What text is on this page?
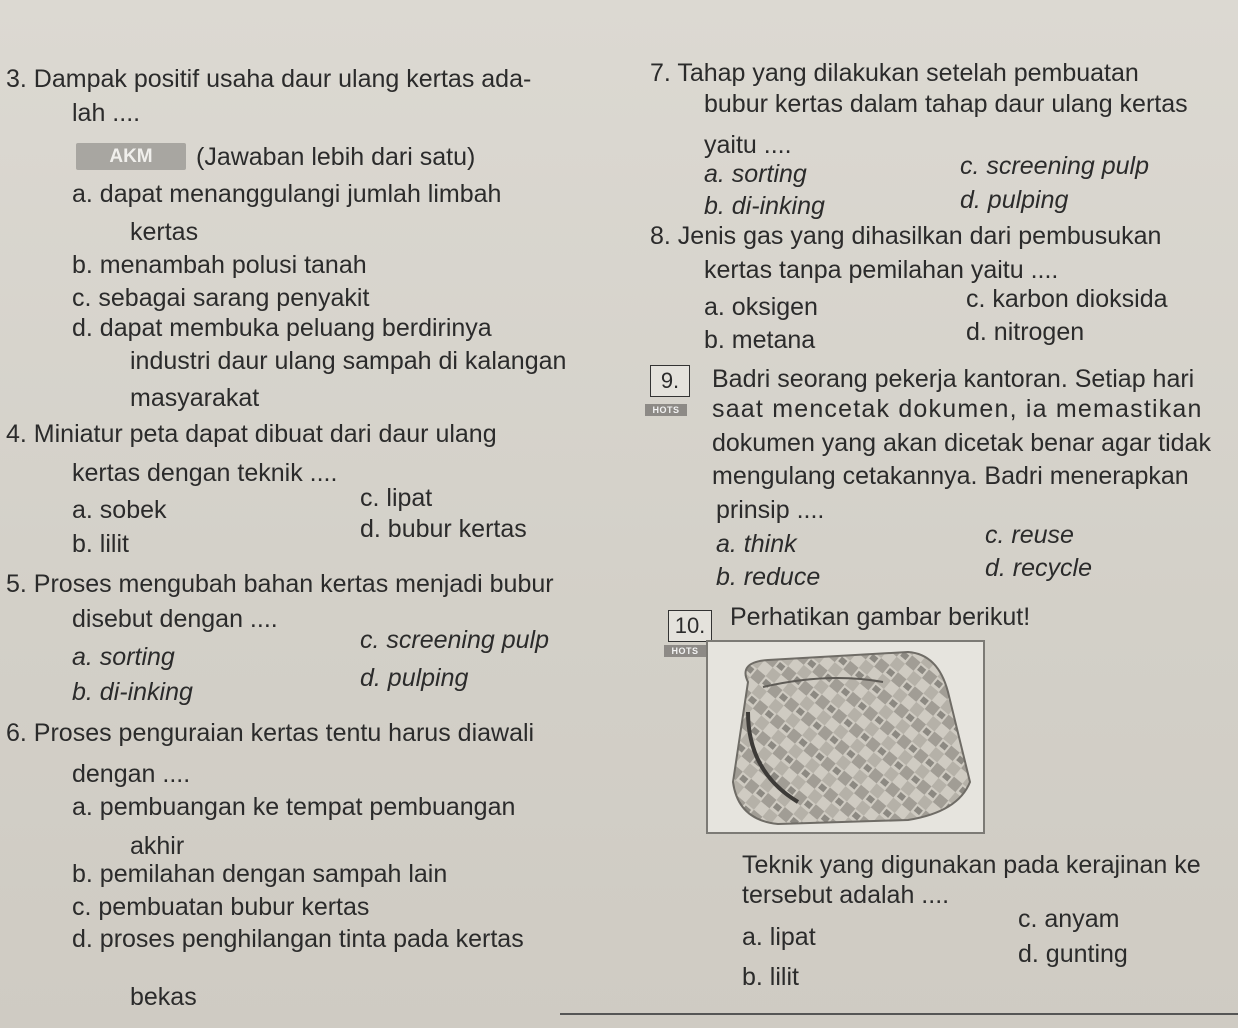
3. Dampak positif usaha daur ulang kertas ada-
lah ....
AKM	(Jawaban lebih dari satu)
a. dapat menanggulangi jumlah limbah
kertas
b. menambah polusi tanah
c. sebagai sarang penyakit
d. dapat membuka peluang berdirinya
industri daur ulang sampah di kalangan
masyarakat
4. Miniatur peta dapat dibuat dari daur ulang
kertas dengan teknik ....
a. sobek
b. lilit
c. lipat
d. bubur kertas
5. Proses mengubah bahan kertas menjadi bubur
disebut dengan ....
a. sorting
b. di-inking
c. screening pulp
d. pulping
6. Proses penguraian kertas tentu harus diawali
dengan ....
a. pembuangan ke tempat pembuangan
akhir
b. pemilahan dengan sampah lain
c. pembuatan bubur kertas
d. proses penghilangan tinta pada kertas
bekas
7. Tahap yang dilakukan setelah pembuatan
bubur kertas dalam tahap daur ulang kertas
yaitu ....
a. sorting
b. di-inking
c. screening pulp
d. pulping
8. Jenis gas yang dihasilkan dari pembusukan
kertas tanpa pemilahan yaitu ....
a. oksigen
b. metana
c. karbon dioksida
d. nitrogen
9.
HOTS
Badri seorang pekerja kantoran. Setiap hari
saat mencetak dokumen, ia memastikan
dokumen yang akan dicetak benar agar tidak
mengulang cetakannya. Badri menerapkan
prinsip ....
a. think
b. reduce
c. reuse
d. recycle
10.
HOTS
Perhatikan gambar berikut!
Teknik yang digunakan pada kerajinan ke
tersebut adalah ....
a. lipat
b. lilit
c. anyam
d. gunting
